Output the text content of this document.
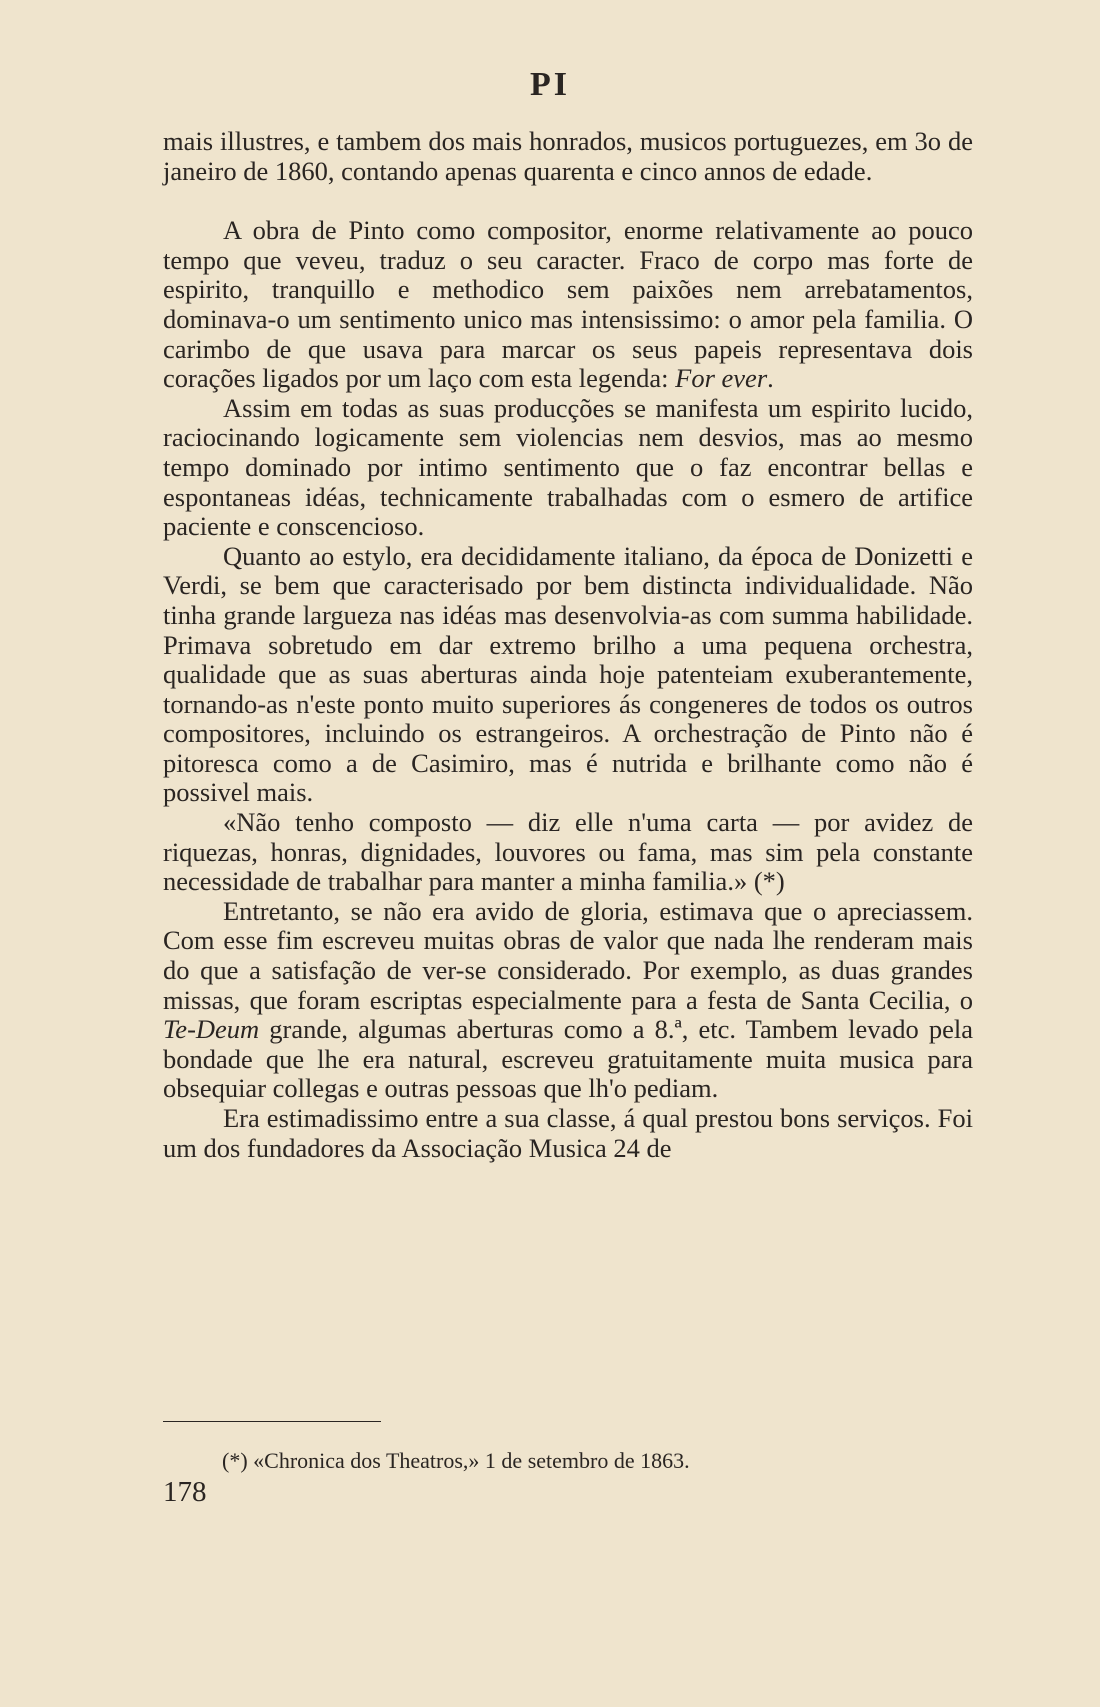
PI

mais illustres, e tambem dos mais honrados, musicos portuguezes, em 3o de janeiro de 1860, contando apenas quarenta e cinco annos de edade.

A obra de Pinto como compositor, enorme relativamente ao pouco tempo que veveu, traduz o seu caracter. Fraco de corpo mas forte de espirito, tranquillo e methodico sem paixões nem arrebatamentos, dominava-o um sentimento unico mas intensissimo: o amor pela familia. O carimbo de que usava para marcar os seus papeis representava dois corações ligados por um laço com esta legenda: For ever.

Assim em todas as suas producções se manifesta um espirito lucido, raciocinando logicamente sem violencias nem desvios, mas ao mesmo tempo dominado por intimo sentimento que o faz encontrar bellas e espontaneas idéas, technicamente trabalhadas com o esmero de artifice paciente e conscencioso.

Quanto ao estylo, era decididamente italiano, da época de Donizetti e Verdi, se bem que caracterisado por bem distincta individualidade. Não tinha grande largueza nas idéas mas desenvolvia-as com summa habilidade. Primava sobretudo em dar extremo brilho a uma pequena orchestra, qualidade que as suas aberturas ainda hoje patenteiam exuberantemente, tornando-as n'este ponto muito superiores ás congeneres de todos os outros compositores, incluindo os estrangeiros. A orchestração de Pinto não é pitoresca como a de Casimiro, mas é nutrida e brilhante como não é possivel mais.

«Não tenho composto — diz elle n'uma carta — por avidez de riquezas, honras, dignidades, louvores ou fama, mas sim pela constante necessidade de trabalhar para manter a minha familia.» (*)

Entretanto, se não era avido de gloria, estimava que o apreciassem. Com esse fim escreveu muitas obras de valor que nada lhe renderam mais do que a satisfação de ver-se considerado. Por exemplo, as duas grandes missas, que foram escriptas especialmente para a festa de Santa Cecilia, o Te-Deum grande, algumas aberturas como a 8.ª, etc. Tambem levado pela bondade que lhe era natural, escreveu gratuitamente muita musica para obsequiar collegas e outras pessoas que lh'o pediam.

Era estimadissimo entre a sua classe, á qual prestou bons serviços. Foi um dos fundadores da Associação Musica 24 de

(*) «Chronica dos Theatros,» 1 de setembro de 1863.
178
